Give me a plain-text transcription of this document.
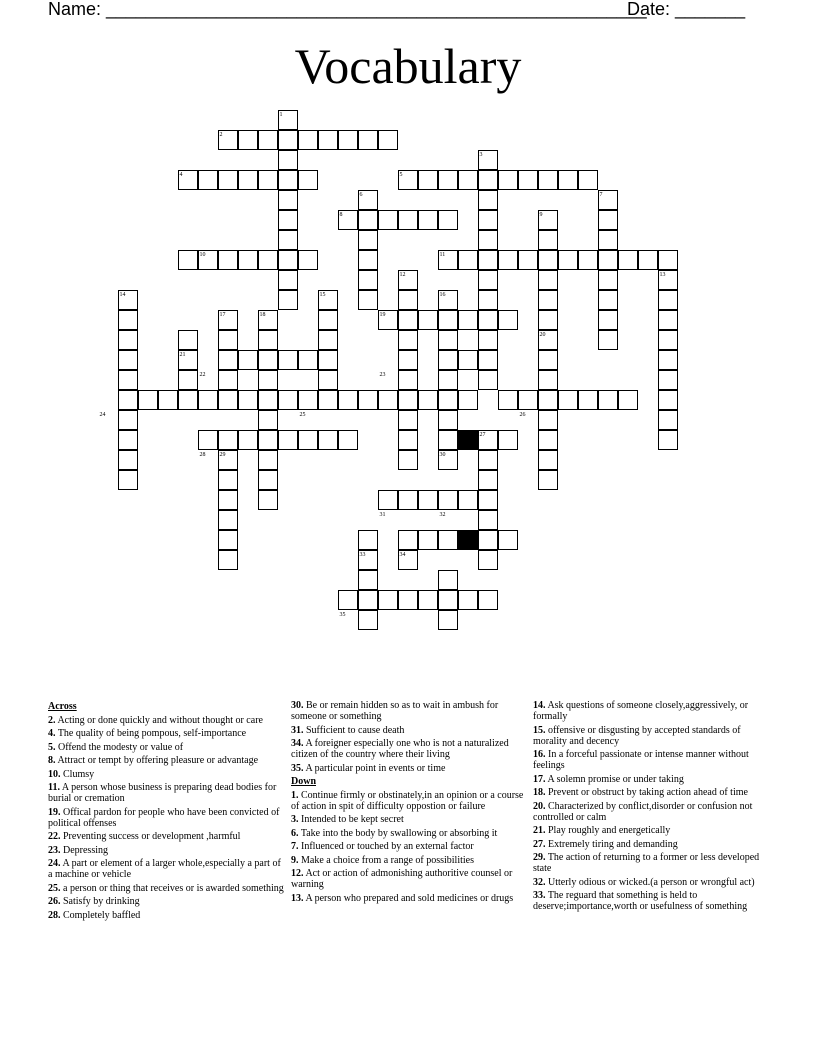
Name: ______________________________________________________
Date: _______
Vocabulary
1
2
3
4	5
6	7
8	9
10	11
12	13
14	15	16
17	18	19
20
21
22	23
24	25	26
27
28 29	30
31	32
33	34
35
Across
2. Acting or done quickly and without thought or care
4. The quality of being pompous, self-importance
5. Offend the modesty or value of
8. Attract or tempt by offering pleasure or advantage
10. Clumsy
11. A person whose business is preparing dead bodies for burial or cremation
19. Offical pardon for people who have been convicted of political offenses
22. Preventing success or development ,harmful
23. Depressing
24. A part or element of a larger whole,especially a part of a machine or vehicle
25. a person or thing that receives or is awarded something
26. Satisfy by drinking
28. Completely baffled
30. Be or remain hidden so as to wait in ambush for someone or something
31. Sufficient to cause death
34. A foreigner especially one who is not a naturalized citizen of the country where their living
35. A particular point in events or time
Down
1. Continue firmly or obstinately,in an opinion or a course of action in spit of difficulty oppostion or failure
3. Intended to be kept secret
6. Take into the body by swallowing or absorbing it
7. Influenced or touched by an external factor
9. Make a choice from a range of possibilities
12. Act or action of admonishing authoritive counsel or warning
13. A person who prepared and sold medicines or drugs
14. Ask questions of someone closely,aggressively, or formally
15. offensive or disgusting by accepted standards of morality and decency
16. In a forceful passionate or intense manner without feelings
17. A solemn promise or under taking
18. Prevent or obstruct by taking action ahead of time
20. Characterized by conflict,disorder or confusion not controlled or calm
21. Play roughly and energetically
27. Extremely tiring and demanding
29. The action of returning to a former or less developed state
32. Utterly odious or wicked.(a person or wrongful act)
33. The reguard that something is held to deserve;importance,worth or usefulness of something
